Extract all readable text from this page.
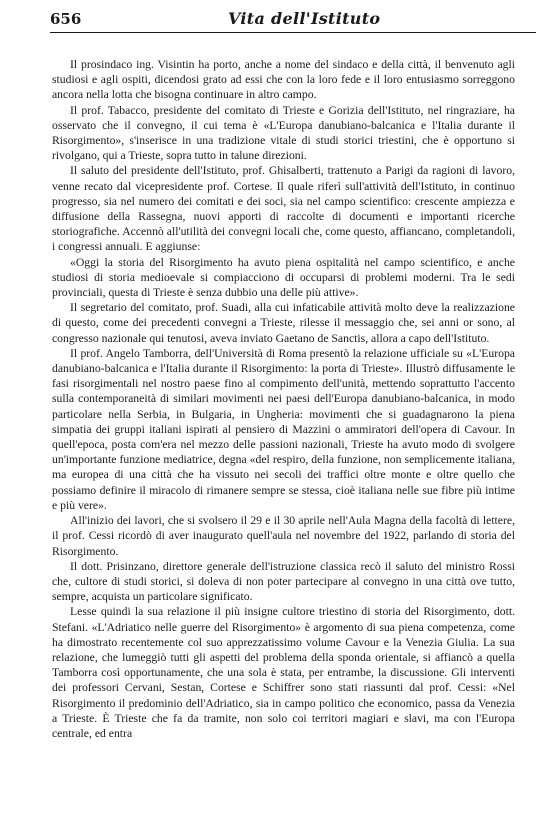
656	Vita dell'Istituto

Il prosindaco ing. Visintin ha porto, anche a nome del sindaco e della città, il benvenuto agli studiosi e agli ospiti, dicendosi grato ad essi che con la loro fede e il loro entusiasmo sorreggono ancora nella lotta che bisogna continuare in altro campo.

Il prof. Tabacco, presidente del comitato di Trieste e Gorizia dell'Istituto, nel ringraziare, ha osservato che il convegno, il cui tema è «L'Europa danubiano-balcanica e l'Italia durante il Risorgimento», s'inserisce in una tradizione vitale di studi storici triestini, che è opportuno si rivolgano, qui a Trieste, sopra tutto in talune direzioni.

Il saluto del presidente dell'Istituto, prof. Ghisalberti, trattenuto a Parigi da ragioni di lavoro, venne recato dal vicepresidente prof. Cortese. Il quale riferì sull'attività dell'Istituto, in continuo progresso, sia nel numero dei comitati e dei soci, sia nel campo scientifico: crescente ampiezza e diffusione della Rassegna, nuovi apporti di raccolte di documenti e importanti ricerche storiografiche. Accennò all'utilità dei convegni locali che, come questo, affiancano, completandoli, i congressi annuali. E aggiunse:

«Oggi la storia del Risorgimento ha avuto piena ospitalità nel campo scientifico, e anche studiosi di storia medioevale si compiacciono di occuparsi di problemi moderni. Tra le sedi provinciali, questa di Trieste è senza dubbio una delle più attive».

Il segretario del comitato, prof. Suadi, alla cui infaticabile attività molto deve la realizzazione di questo, come dei precedenti convegni a Trieste, rilesse il messaggio che, sei anni or sono, al congresso nazionale qui tenutosi, aveva inviato Gaetano de Sanctis, allora a capo dell'Istituto.

Il prof. Angelo Tamborra, dell'Università di Roma presentò la relazione ufficiale su «L'Europa danubiano-balcanica e l'Italia durante il Risorgimento: la porta di Trieste». Illustrò diffusamente le fasi risorgimentali nel nostro paese fino al compimento dell'unità, mettendo soprattutto l'accento sulla contemporaneità di similari movimenti nei paesi dell'Europa danubiano-balcanica, in modo particolare nella Serbia, in Bulgaria, in Ungheria: movimenti che si guadagnarono la piena simpatia dei gruppi italiani ispirati al pensiero di Mazzini o ammiratori dell'opera di Cavour. In quell'epoca, posta com'era nel mezzo delle passioni nazionali, Trieste ha avuto modo di svolgere un'importante funzione mediatrice, degna «del respiro, della funzione, non semplicemente italiana, ma europea di una città che ha vissuto nei secoli dei traffici oltre monte e oltre quello che possiamo definire il miracolo di rimanere sempre se stessa, cioè italiana nelle sue fibre più intime e più vere».

All'inizio dei lavori, che si svolsero il 29 e il 30 aprile nell'Aula Magna della facoltà di lettere, il prof. Cessi ricordò di aver inaugurato quell'aula nel novembre del 1922, parlando di storia del Risorgimento.

Il dott. Prisinzano, direttore generale dell'istruzione classica recò il saluto del ministro Rossi che, cultore di studi storici, si doleva di non poter partecipare al convegno in una città ove tutto, sempre, acquista un particolare significato.

Lesse quindi la sua relazione il più insigne cultore triestino di storia del Risorgimento, dott. Stefani. «L'Adriatico nelle guerre del Risorgimento» è argomento di sua piena competenza, come ha dimostrato recentemente col suo apprezzatissimo volume Cavour e la Venezia Giulia. La sua relazione, che lumeggiò tutti gli aspetti del problema della sponda orientale, si affiancò a quella Tamborra così opportunamente, che una sola è stata, per entrambe, la discussione. Gli interventi dei professori Cervani, Sestan, Cortese e Schiffrer sono stati riassunti dal prof. Cessi: «Nel Risorgimento il predominio dell'Adriatico, sia in campo politico che economico, passa da Venezia a Trieste. È Trieste che fa da tramite, non solo coi territori magiari e slavi, ma con l'Europa centrale, ed entra
